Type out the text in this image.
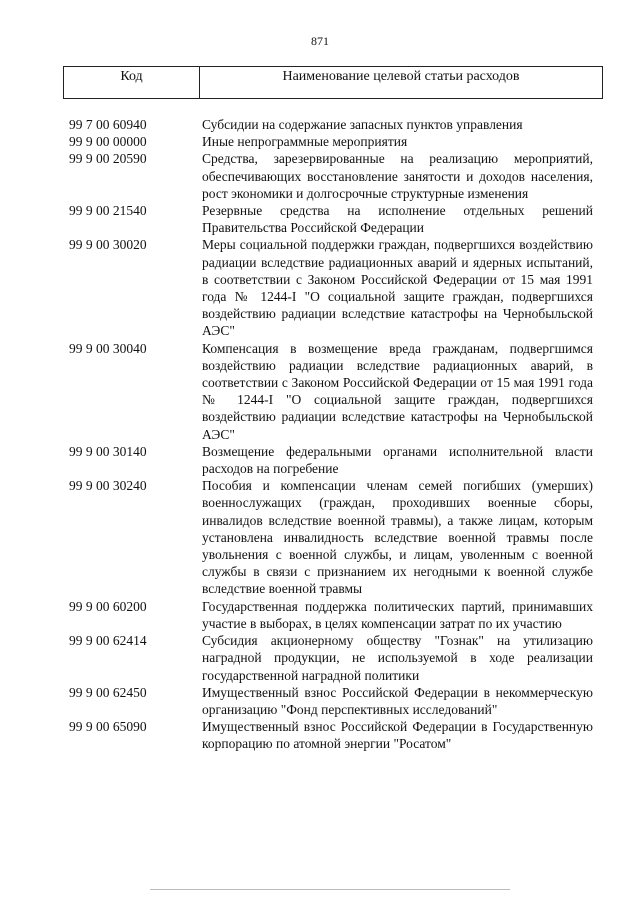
871
Код	Наименование целевой статьи расходов
99 7 00 60940	Субсидии на содержание запасных пунктов управления
99 9 00 00000	Иные непрограммные мероприятия
99 9 00 20590	Средства, зарезервированные на реализацию мероприятий, обеспечивающих восстановление занятости и доходов населения, рост экономики и долгосрочные структурные изменения
99 9 00 21540	Резервные средства на исполнение отдельных решений Правительства Российской Федерации
99 9 00 30020	Меры социальной поддержки граждан, подвергшихся воздействию радиации вследствие радиационных аварий и ядерных испытаний, в соответствии с Законом Российской Федерации от 15 мая 1991 года № 1244-I "О социальной защите граждан, подвергшихся воздействию радиации вследствие катастрофы на Чернобыльской АЭС"
99 9 00 30040	Компенсация в возмещение вреда гражданам, подвергшимся воздействию радиации вследствие радиационных аварий, в соответствии с Законом Российской Федерации от 15 мая 1991 года № 1244-I "О социальной защите граждан, подвергшихся воздействию радиации вследствие катастрофы на Чернобыльской АЭС"
99 9 00 30140	Возмещение федеральными органами исполнительной власти расходов на погребение
99 9 00 30240	Пособия и компенсации членам семей погибших (умерших) военнослужащих (граждан, проходивших военные сборы, инвалидов вследствие военной травмы), а также лицам, которым установлена инвалидность вследствие военной травмы после увольнения с военной службы, и лицам, уволенным с военной службы в связи с признанием их негодными к военной службе вследствие военной травмы
99 9 00 60200	Государственная поддержка политических партий, принимавших участие в выборах, в целях компенсации затрат по их участию
99 9 00 62414	Субсидия акционерному обществу "Гознак" на утилизацию наградной продукции, не используемой в ходе реализации государственной наградной политики
99 9 00 62450	Имущественный взнос Российской Федерации в некоммерческую организацию "Фонд перспективных исследований"
99 9 00 65090	Имущественный взнос Российской Федерации в Государственную корпорацию по атомной энергии "Росатом"
